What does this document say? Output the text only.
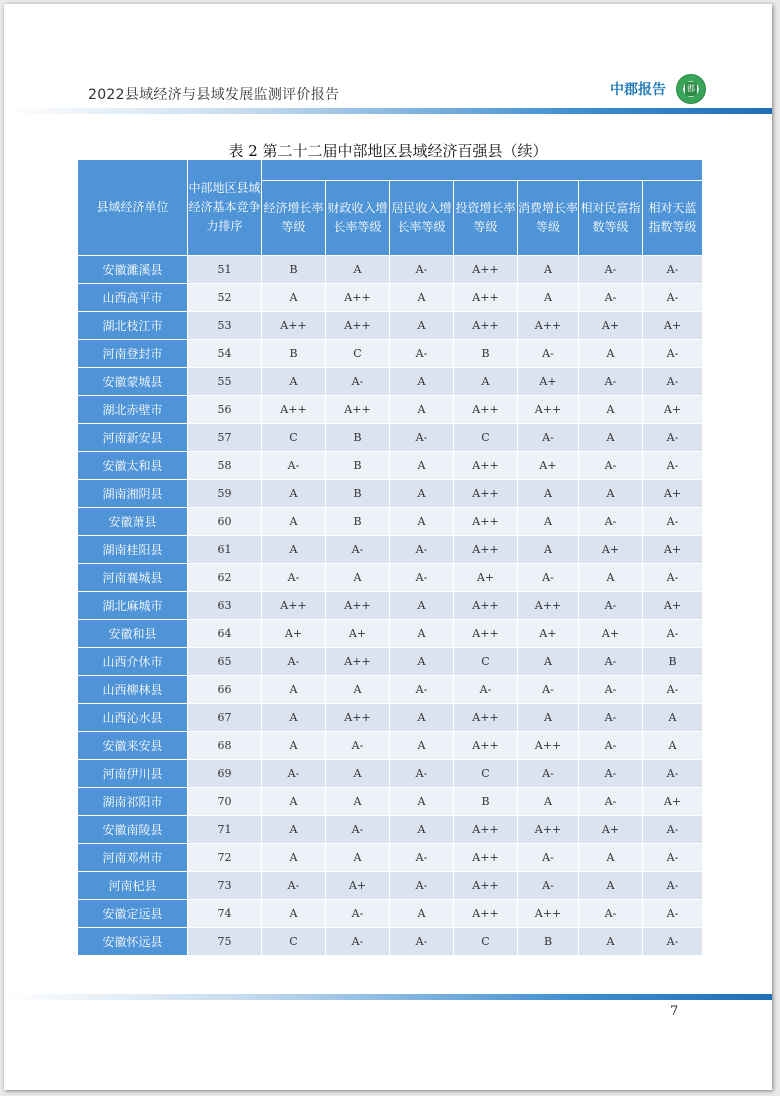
2022县域经济与县域发展监测评价报告	中郡报告	郡
表 2 第二十二届中部地区县域经济百强县（续）
县域经济单位	中部地区县域经济基本竞争力排序							
		经济增长率等级	财政收入增长率等级	居民收入增长率等级	投资增长率等级	消费增长率等级	相对民富指数等级	相对天蓝指数等级
安徽濉溪县	51	B	A	A-	A++	A	A-	A-
山西高平市	52	A	A++	A	A++	A	A-	A-
湖北枝江市	53	A++	A++	A	A++	A++	A+	A+
河南登封市	54	B	C	A-	B	A-	A	A-
安徽蒙城县	55	A	A-	A	A	A+	A-	A-
湖北赤壁市	56	A++	A++	A	A++	A++	A	A+
河南新安县	57	C	B	A-	C	A-	A	A-
安徽太和县	58	A-	B	A	A++	A+	A-	A-
湖南湘阴县	59	A	B	A	A++	A	A	A+
安徽萧县	60	A	B	A	A++	A	A-	A-
湖南桂阳县	61	A	A-	A-	A++	A	A+	A+
河南襄城县	62	A-	A	A-	A+	A-	A	A-
湖北麻城市	63	A++	A++	A	A++	A++	A-	A+
安徽和县	64	A+	A+	A	A++	A+	A+	A-
山西介休市	65	A-	A++	A	C	A	A-	B
山西柳林县	66	A	A	A-	A-	A-	A-	A-
山西沁水县	67	A	A++	A	A++	A	A-	A
安徽来安县	68	A	A-	A	A++	A++	A-	A
河南伊川县	69	A-	A	A-	C	A-	A-	A-
湖南祁阳市	70	A	A	A	B	A	A-	A+
安徽南陵县	71	A	A-	A	A++	A++	A+	A-
河南邓州市	72	A	A	A-	A++	A-	A	A-
河南杞县	73	A-	A+	A-	A++	A-	A	A-
安徽定远县	74	A	A-	A	A++	A++	A-	A-
安徽怀远县	75	C	A-	A-	C	B	A	A-
7
